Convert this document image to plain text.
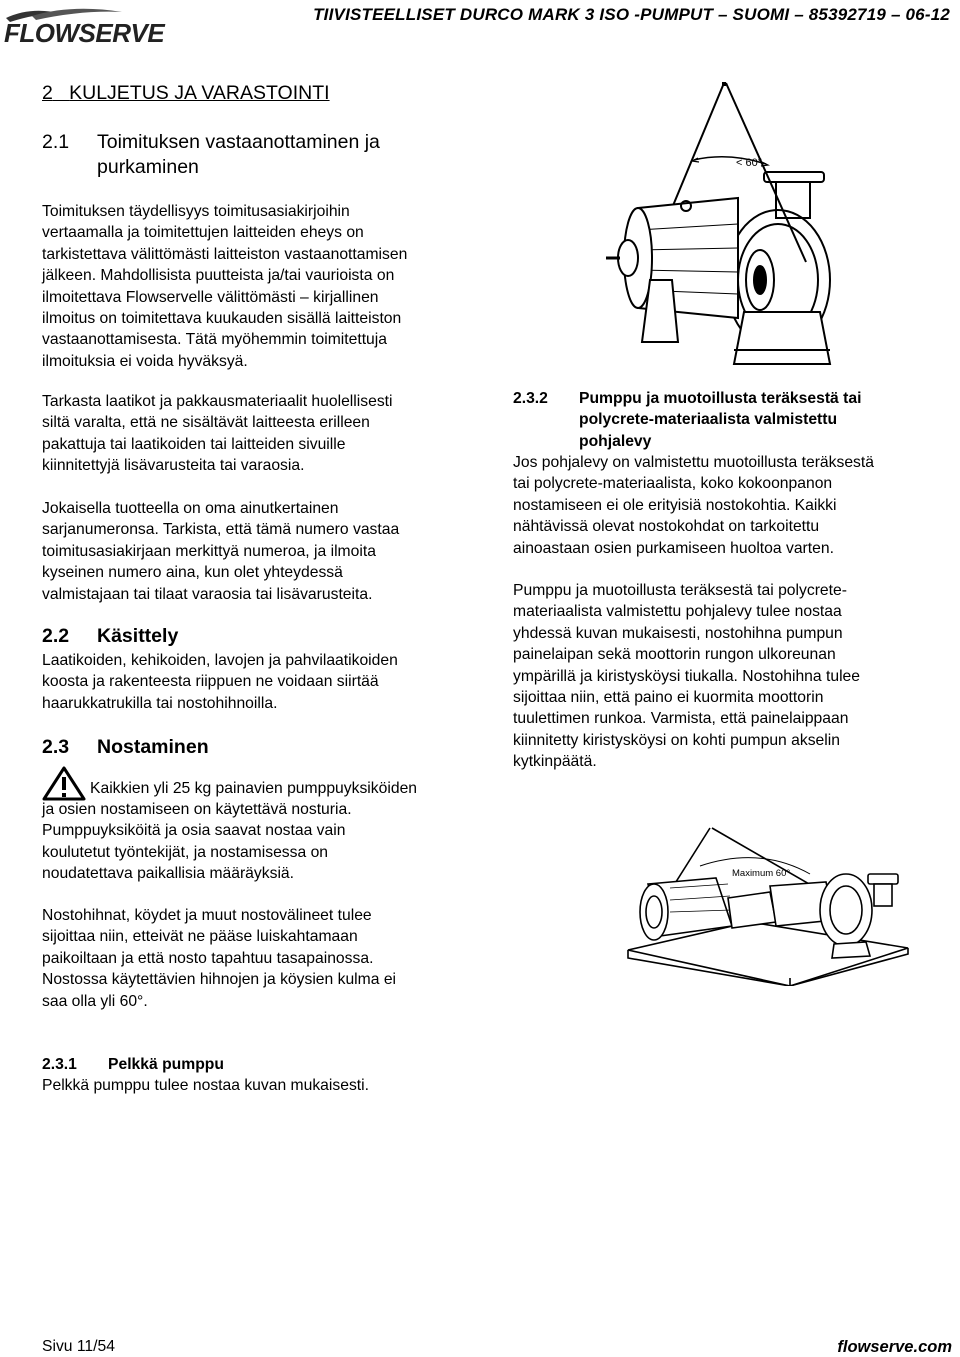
FLOWSERVE
TIIVISTEELLISET DURCO MARK 3 ISO -PUMPUT – SUOMI – 85392719 – 06-12
2 KULJETUS JA VARASTOINTI
2.1 Toimituksen vastaanottaminen ja
purkaminen
Toimituksen täydellisyys toimitusasiakirjoihin
vertaamalla ja toimitettujen laitteiden eheys on
tarkistettava välittömästi laitteiston vastaanottamisen
jälkeen. Mahdollisista puutteista ja/tai vaurioista on
ilmoitettava Flowservelle välittömästi – kirjallinen
ilmoitus on toimitettava kuukauden sisällä laitteiston
vastaanottamisesta. Tätä myöhemmin toimitettuja
ilmoituksia ei voida hyväksyä.
Tarkasta laatikot ja pakkausmateriaalit huolellisesti
siltä varalta, että ne sisältävät laitteesta erilleen
pakattuja tai laatikoiden tai laitteiden sivuille
kiinnitettyjä lisävarusteita tai varaosia.
Jokaisella tuotteella on oma ainutkertainen
sarjanumeronsa. Tarkista, että tämä numero vastaa
toimitusasiakirjaan merkittyä numeroa, ja ilmoita
kyseinen numero aina, kun olet yhteydessä
valmistajaan tai tilaat varaosia tai lisävarusteita.
2.2 Käsittely
Laatikoiden, kehikoiden, lavojen ja pahvilaatikoiden
koosta ja rakenteesta riippuen ne voidaan siirtää
haarukkatrukilla tai nostohihnoilla.
2.3 Nostaminen
Kaikkien yli 25 kg painavien pumppuyksiköiden
ja osien nostamiseen on käytettävä nosturia.
Pumppuyksiköitä ja osia saavat nostaa vain
koulutetut työntekijät, ja nostamisessa on
noudatettava paikallisia määräyksiä.
Nostohihnat, köydet ja muut nostovälineet tulee
sijoittaa niin, etteivät ne pääse luiskahtamaan
paikoiltaan ja että nosto tapahtuu tasapainossa.
Nostossa käytettävien hihnojen ja köysien kulma ei
saa olla yli 60°.
2.3.1 Pelkkä pumppu
Pelkkä pumppu tulee nostaa kuvan mukaisesti.
< 60°
2.3.2 Pumppu ja muotoillusta teräksestä tai
polycrete-materiaalista valmistettu
pohjalevy
Jos pohjalevy on valmistettu muotoillusta teräksestä
tai polycrete-materiaalista, koko kokoonpanon
nostamiseen ei ole erityisiä nostokohtia. Kaikki
nähtävissä olevat nostokohdat on tarkoitettu
ainoastaan osien purkamiseen huoltoa varten.
Pumppu ja muotoillusta teräksestä tai polycrete-
materiaalista valmistettu pohjalevy tulee nostaa
yhdessä kuvan mukaisesti, nostohihna pumpun
painelaipan sekä moottorin rungon ulkoreunan
ympärillä ja kiristysköysi tiukalla. Nostohihna tulee
sijoittaa niin, että paino ei kuormita moottorin
tuulettimen runkoa. Varmista, että painelaippaan
kiinnitetty kiristysköysi on kohti pumpun akselin
kytkinpäätä.
Maximum 60°
Sivu 11/54	flowserve.com
